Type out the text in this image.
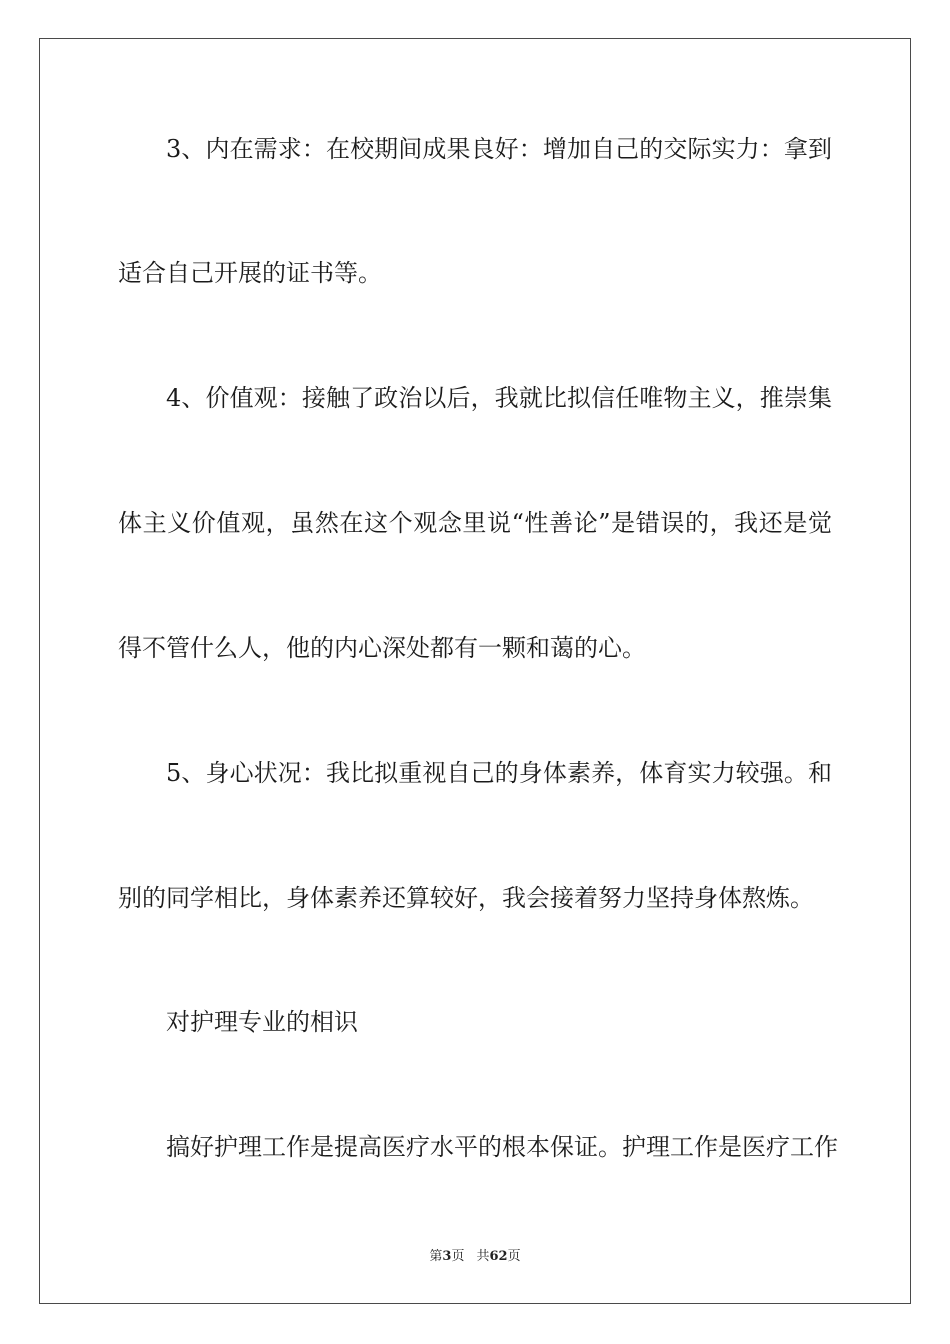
3、内在需求：在校期间成果良好：增加自己的交际实力：拿到
适合自己开展的证书等。
4、价值观：接触了政治以后，我就比拟信任唯物主义，推崇集
体主义价值观，虽然在这个观念里说“性善论”是错误的，我还是觉
得不管什么人，他的内心深处都有一颗和蔼的心。
5、身心状况：我比拟重视自己的身体素养，体育实力较强。和
别的同学相比，身体素养还算较好，我会接着努力坚持身体熬炼。
对护理专业的相识
搞好护理工作是提高医疗水平的根本保证。护理工作是医疗工作
第3页 共62页
